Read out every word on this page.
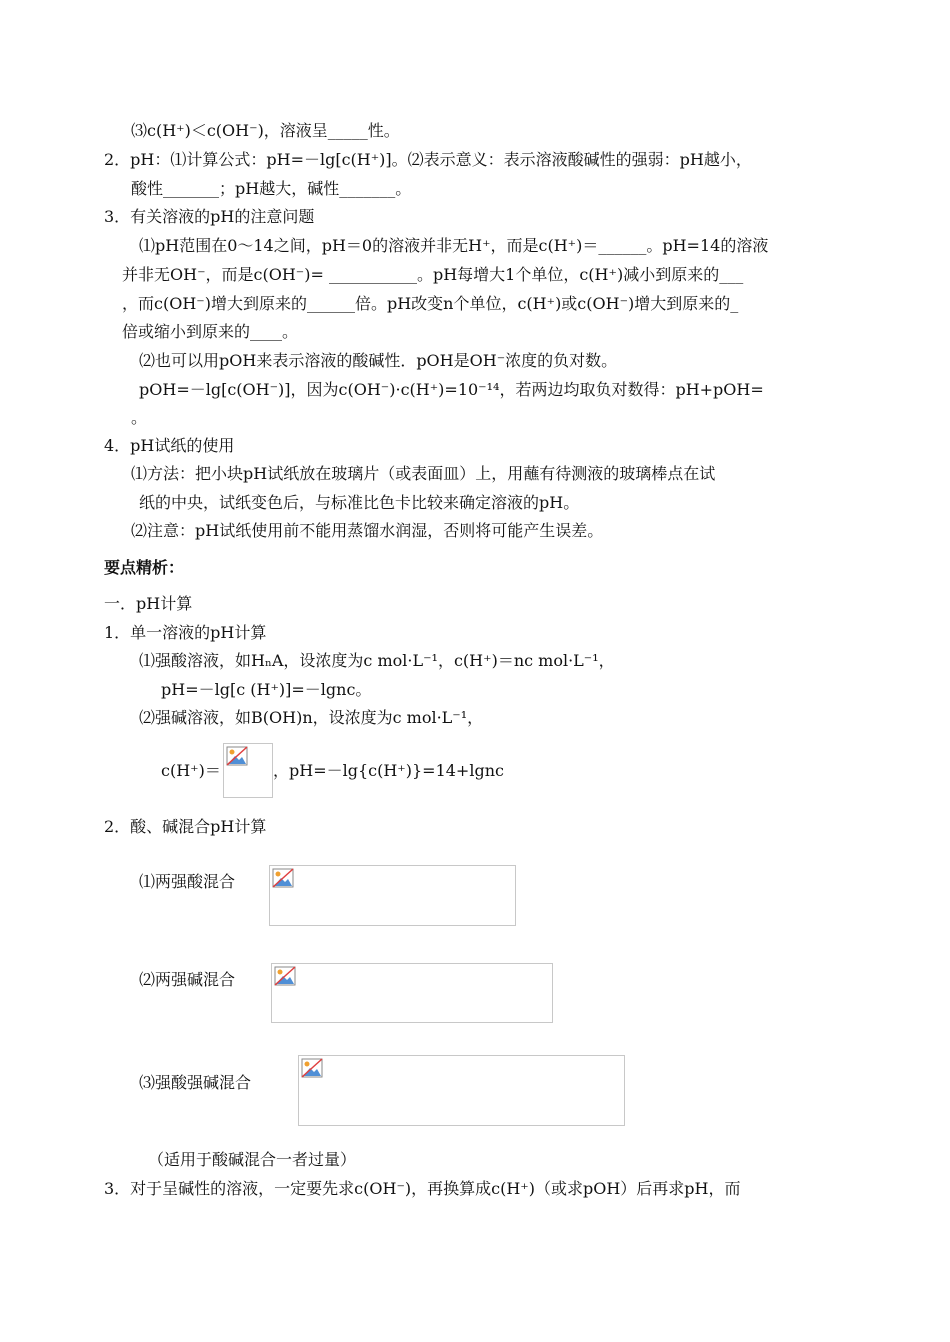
⑶c(H⁺)＜c(OH⁻)，溶液呈_____性。
2．pH：⑴计算公式：pH=－lg[c(H⁺)]。⑵表示意义：表示溶液酸碱性的强弱：pH越小，
酸性_______；pH越大，碱性_______。
3．有关溶液的pH的注意问题
⑴pH范围在0～14之间，pH＝0的溶液并非无H⁺，而是c(H⁺)＝______。pH=14的溶液
并非无OH⁻，而是c(OH⁻)= ___________。pH每增大1个单位，c(H⁺)减小到原来的___
，而c(OH⁻)增大到原来的______倍。pH改变n个单位，c(H⁺)或c(OH⁻)增大到原来的_
倍或缩小到原来的____。
⑵也可以用pOH来表示溶液的酸碱性．pOH是OH⁻浓度的负对数。
pOH=－lg[c(OH⁻)]，因为c(OH⁻)·c(H⁺)=10⁻¹⁴，若两边均取负对数得：pH+pOH=
。
4．pH试纸的使用
⑴方法：把小块pH试纸放在玻璃片（或表面皿）上，用蘸有待测液的玻璃棒点在试
纸的中央，试纸变色后，与标准比色卡比较来确定溶液的pH。
⑵注意：pH试纸使用前不能用蒸馏水润湿，否则将可能产生误差。
要点精析：
一．pH计算
1．单一溶液的pH计算
⑴强酸溶液，如HₙA，设浓度为c mol·L⁻¹，c(H⁺)＝nc mol·L⁻¹，
pH=－lg[c (H⁺)]=－lgnc。
⑵强碱溶液，如B(OH)n，设浓度为c mol·L⁻¹，
c(H⁺)＝	，pH=－lg{c(H⁺)}=14+lgnc
2．酸、碱混合pH计算
⑴两强酸混合
⑵两强碱混合
⑶强酸强碱混合
（适用于酸碱混合一者过量）
3．对于呈碱性的溶液，一定要先求c(OH⁻)，再换算成c(H⁺)（或求pOH）后再求pH，而
